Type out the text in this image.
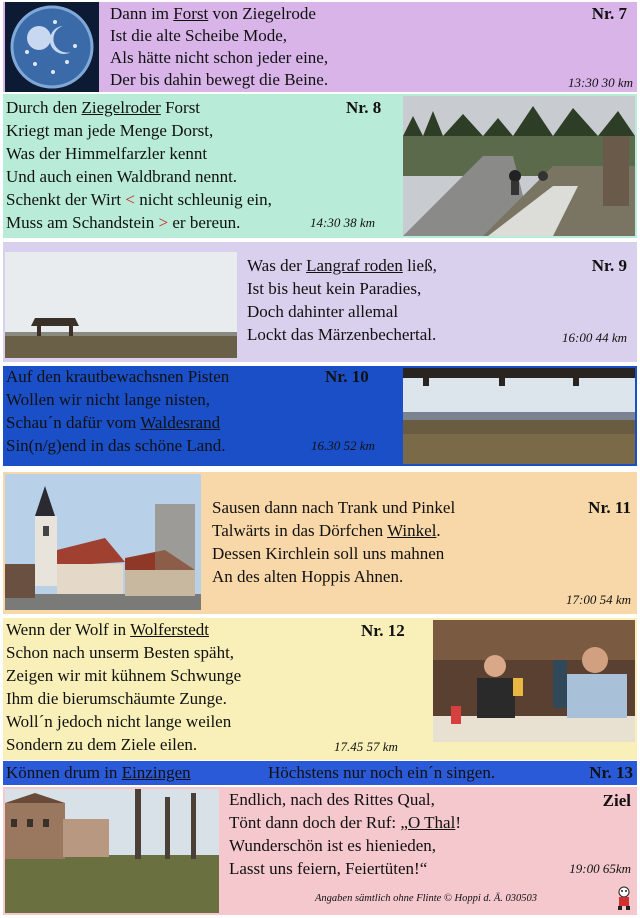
Dann im Forst von Ziegelrode
Ist die alte Scheibe Mode,
Als hätte nicht schon jeder eine,
Der bis dahin bewegt die Beine.
Nr. 7
13:30 30 km
Durch den Ziegelroder Forst
Kriegt man jede Menge Dorst,
Was der Himmelfarzler kennt
Und auch einen Waldbrand nennt.
Schenkt der Wirt < nicht schleunig ein,
Muss am Schandstein > er bereun.
Nr. 8
14:30 38 km
Was der Langraf roden ließ,
Ist bis heut kein Paradies,
Doch dahinter allemal
Lockt das Märzenbechertal.
Nr. 9
16:00 44 km
Auf den krautbewachsnen Pisten
Wollen wir nicht lange nisten,
Schau´n dafür vom Waldesrand
Sin(n/g)end in das schöne Land.
Nr. 10
16.30 52 km
Sausen dann nach Trank und Pinkel
Talwärts in das Dörfchen Winkel.
Dessen Kirchlein soll uns mahnen
An des alten Hoppis Ahnen.
Nr. 11
17:00 54 km
Wenn der Wolf in Wolferstedt
Schon nach unserm Besten späht,
Zeigen wir mit kühnem Schwunge
Ihm die bierumschäumte Zunge.
Woll´n jedoch nicht lange weilen
Sondern zu dem Ziele eilen.
Nr. 12
17.45 57 km
Können drum in Einzingen	Höchstens nur noch ein´n singen.	Nr. 13
Endlich, nach des Rittes Qual,
Tönt dann doch der Ruf: „O Thal!
Wunderschön ist es hienieden,
Lasst uns feiern, Feiertüten!“
Ziel
19:00 65km
Angaben sämtlich ohne Flinte © Hoppi d. Ä. 030503
